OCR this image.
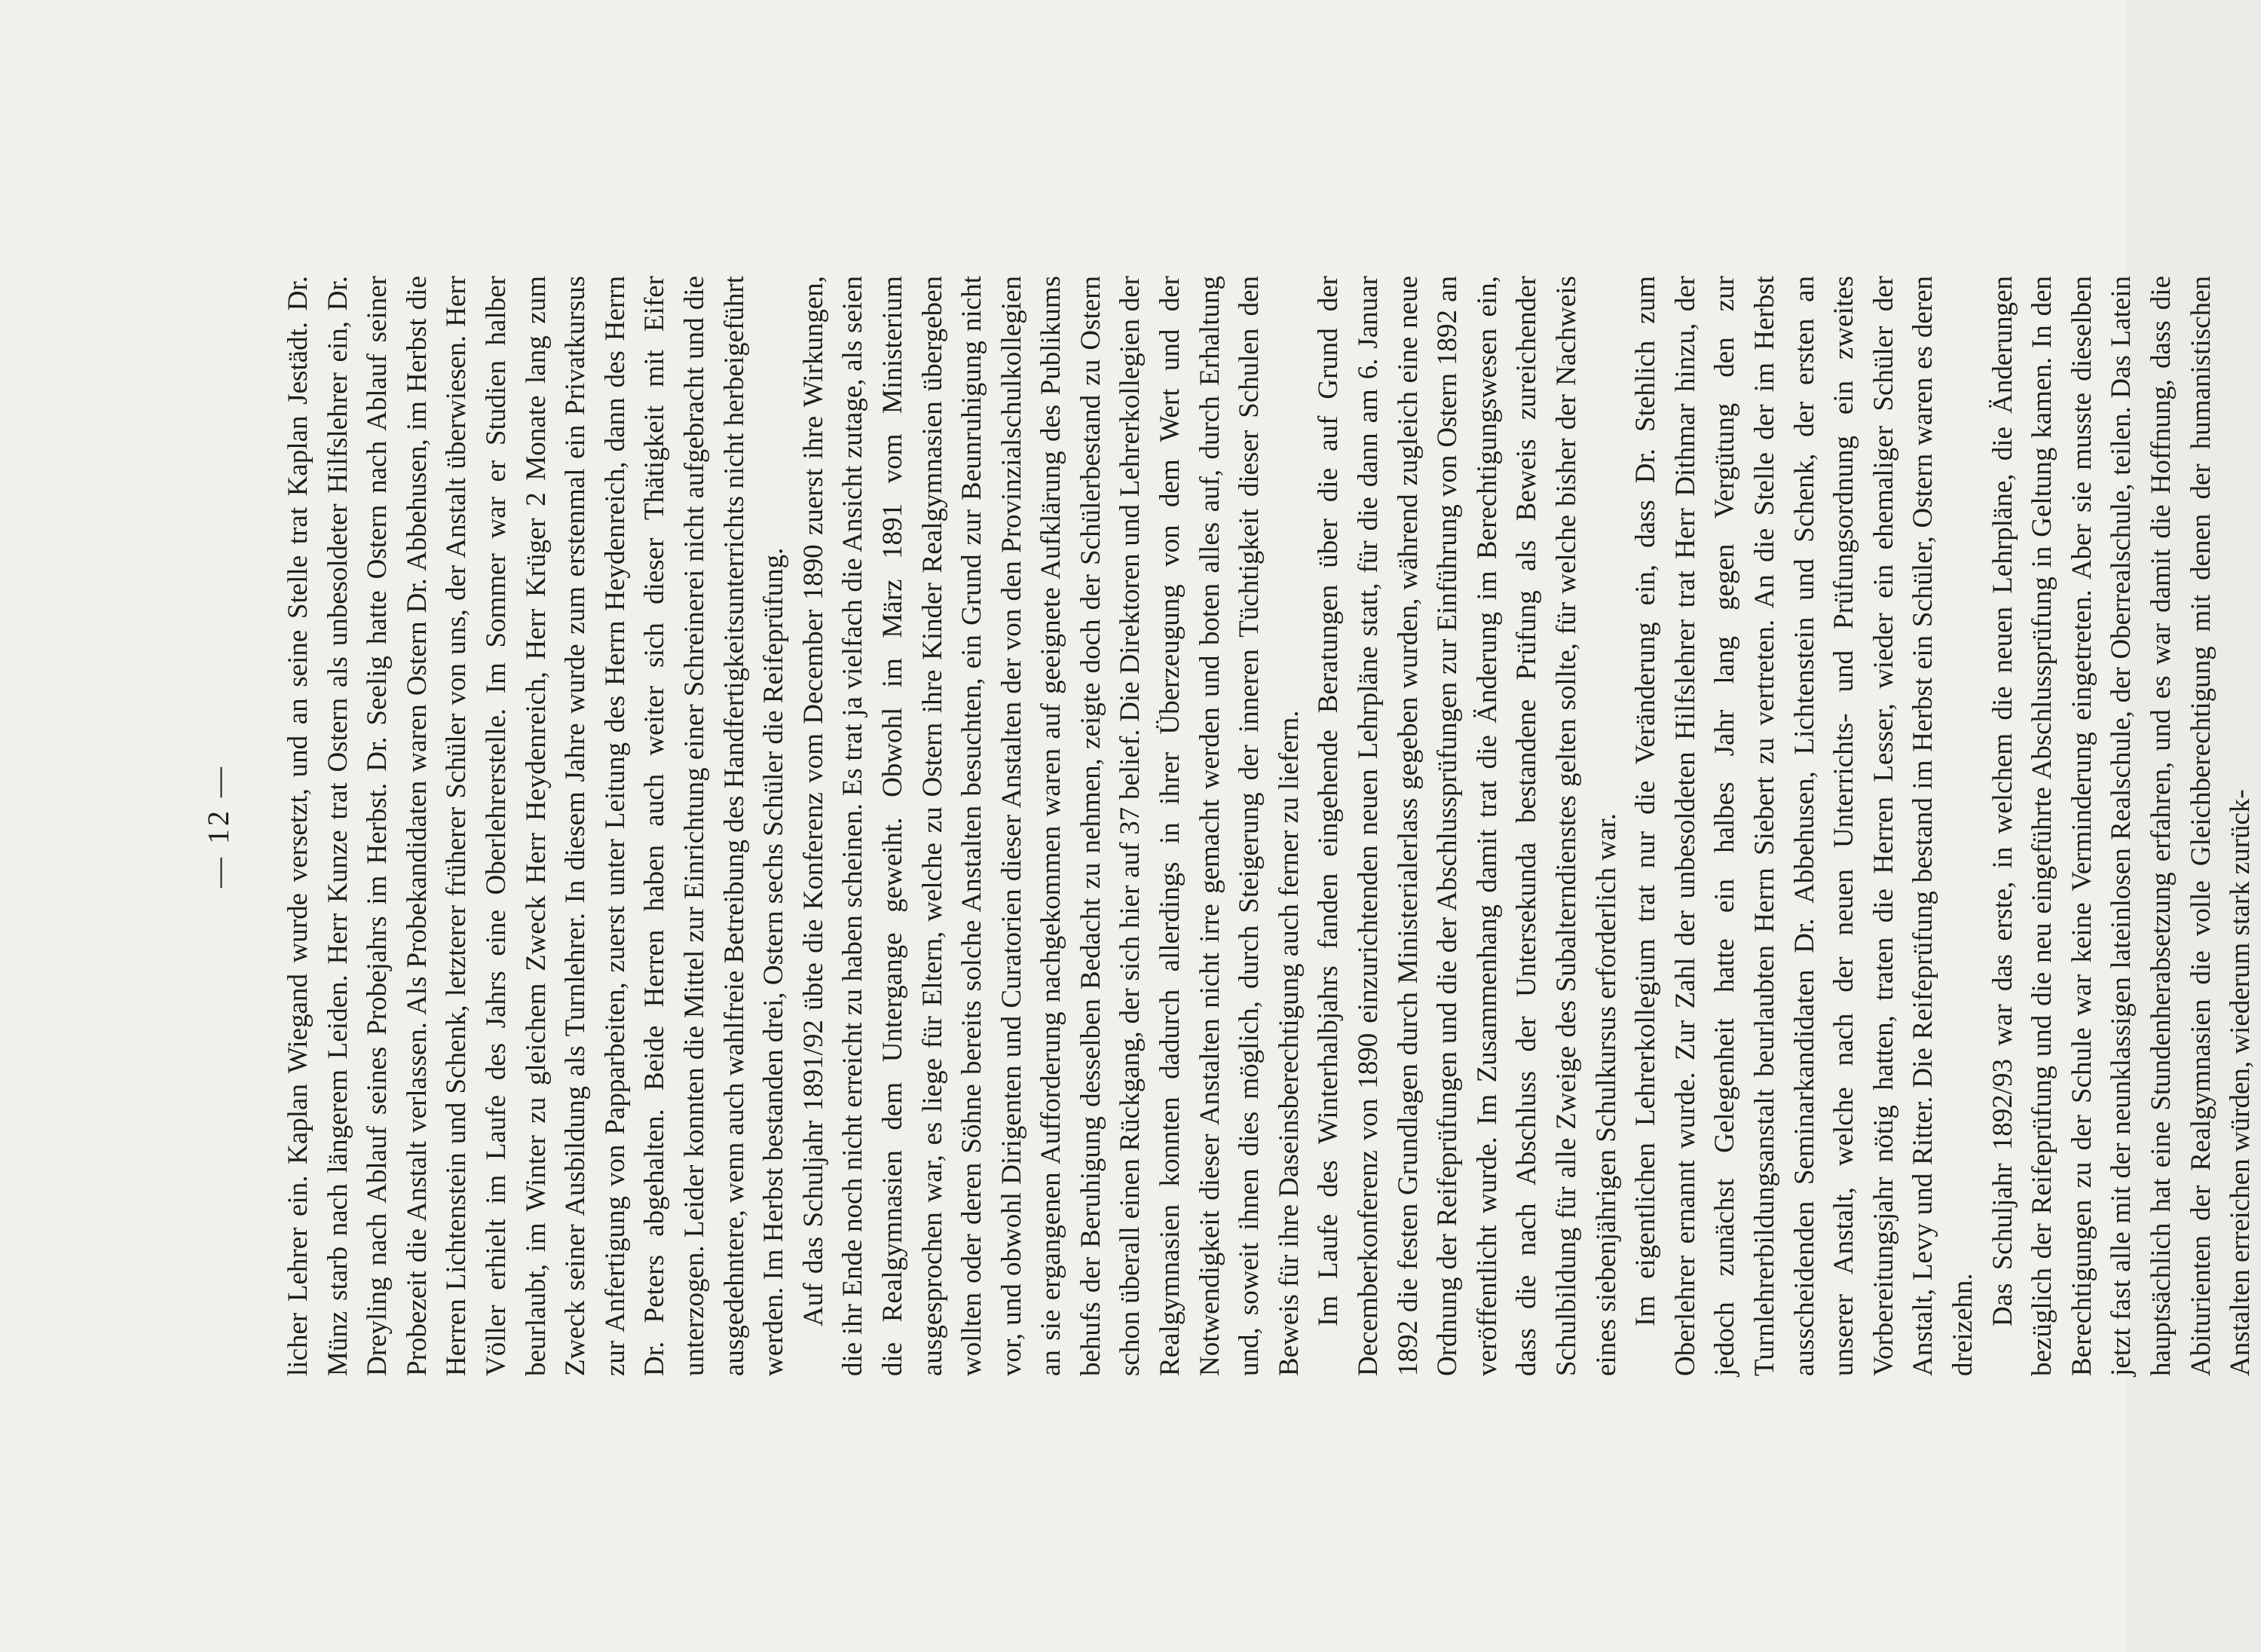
— 12 —	licher Lehrer ein. Kaplan Wiegand wurde versetzt, und an seine Stelle trat Kaplan Jestädt. Dr. Münz starb nach längerem Leiden. Herr Kunze trat Ostern als unbesoldeter Hilfslehrer ein, Dr. Dreyling nach Ablauf seines Probejahrs im Herbst. Dr. Seelig hatte Ostern nach Ablauf seiner Probezeit die Anstalt verlassen. Als Probekandidaten waren Ostern Dr. Abbehusen, im Herbst die Herren Lichtenstein und Schenk, letzterer früherer Schüler von uns, der Anstalt überwiesen. Herr Völler erhielt im Laufe des Jahrs eine Oberlehrerstelle. Im Sommer war er Studien halber beurlaubt, im Winter zu gleichem Zweck Herr Heydenreich, Herr Krüger 2 Monate lang zum Zweck seiner Ausbildung als Turnlehrer. In diesem Jahre wurde zum erstenmal ein Privatkursus zur Anfertigung von Papparbeiten, zuerst unter Leitung des Herrn Heydenreich, dann des Herrn Dr. Peters abgehalten. Beide Herren haben auch weiter sich dieser Thätigkeit mit Eifer unterzogen. Leider konnten die Mittel zur Einrichtung einer Schreinerei nicht aufgebracht und die ausgedehntere, wenn auch wahlfreie Betreibung des Handfertigkeitsunterrichts nicht herbeigeführt werden. Im Herbst bestanden drei, Ostern sechs Schüler die Reifeprüfung. Auf das Schuljahr 1891/92 übte die Konferenz vom December 1890 zuerst ihre Wirkungen, die ihr Ende noch nicht erreicht zu haben scheinen. Es trat ja vielfach die Ansicht zutage, als seien die Realgymnasien dem Untergange geweiht. Obwohl im März 1891 vom Ministerium ausgesprochen war, es liege für Eltern, welche zu Ostern ihre Kinder Realgymnasien übergeben wollten oder deren Söhne bereits solche Anstalten besuchten, ein Grund zur Beunruhigung nicht vor, und obwohl Dirigenten und Curatorien dieser Anstalten der von den Provinzialschulkollegien an sie ergangenen Aufforderung nachgekommen waren auf geeignete Aufklärung des Publikums behufs der Beruhigung desselben Bedacht zu nehmen, zeigte doch der Schülerbestand zu Ostern schon überall einen Rückgang, der sich hier auf 37 belief. Die Direktoren und Lehrerkollegien der Realgymnasien konnten dadurch allerdings in ihrer Überzeugung von dem Wert und der Notwendigkeit dieser Anstalten nicht irre gemacht werden und boten alles auf, durch Erhaltung und, soweit ihnen dies möglich, durch Steigerung der inneren Tüchtigkeit dieser Schulen den Beweis für ihre Daseinsberechtigung auch ferner zu liefern. Im Laufe des Winterhalbjahrs fanden eingehende Beratungen über die auf Grund der Decemberkonferenz von 1890 einzurichtenden neuen Lehrpläne statt, für die dann am 6. Januar 1892 die festen Grundlagen durch Ministerialerlass gegeben wurden, während zugleich eine neue Ordnung der Reifeprüfungen und die der Abschlussprüfungen zur Einführung von Ostern 1892 an veröffentlicht wurde. Im Zusammenhang damit trat die Änderung im Berechtigungswesen ein, dass die nach Abschluss der Untersekunda bestandene Prüfung als Beweis zureichender Schulbildung für alle Zweige des Subalterndienstes gelten sollte, für welche bisher der Nachweis eines siebenjährigen Schulkursus erforderlich war. Im eigentlichen Lehrerkollegium trat nur die Veränderung ein, dass Dr. Stehlich zum Oberlehrer ernannt wurde. Zur Zahl der unbesoldeten Hilfslehrer trat Herr Dithmar hinzu, der jedoch zunächst Gelegenheit hatte ein halbes Jahr lang gegen Vergütung den zur Turnlehrerbildungsanstalt beurlaubten Herrn Siebert zu vertreten. An die Stelle der im Herbst ausscheidenden Seminarkandidaten Dr. Abbehusen, Lichtenstein und Schenk, der ersten an unserer Anstalt, welche nach der neuen Unterrichts- und Prüfungsordnung ein zweites Vorbereitungsjahr nötig hatten, traten die Herren Lesser, wieder ein ehemaliger Schüler der Anstalt, Levy und Ritter. Die Reifeprüfung bestand im Herbst ein Schüler, Ostern waren es deren dreizehn. Das Schuljahr 1892/93 war das erste, in welchem die neuen Lehrpläne, die Änderungen bezüglich der Reifeprüfung und die neu eingeführte Abschlussprüfung in Geltung kamen. In den Berechtigungen zu der Schule war keine Verminderung eingetreten. Aber sie musste dieselben jetzt fast alle mit der neunklassigen lateinlosen Realschule, der Oberrealschule, teilen. Das Latein hauptsächlich hat eine Stundenherabsetzung erfahren, und es war damit die Hoffnung, dass die Abiturienten der Realgymnasien die volle Gleichberechtigung mit denen der humanistischen Anstalten erreichen würden, wiederum stark zurück-
